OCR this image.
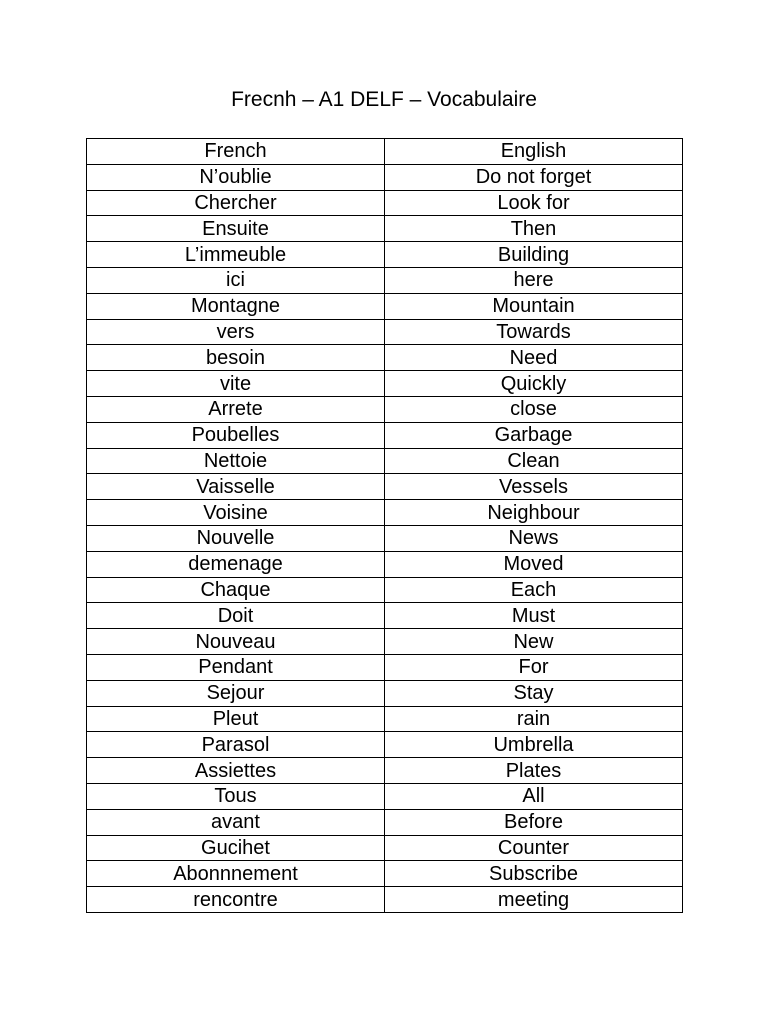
Frecnh – A1 DELF – Vocabulaire
French	English
N’oublie	Do not forget
Chercher	Look for
Ensuite	Then
L’immeuble	Building
ici	here
Montagne	Mountain
vers	Towards
besoin	Need
vite	Quickly
Arrete	close
Poubelles	Garbage
Nettoie	Clean
Vaisselle	Vessels
Voisine	Neighbour
Nouvelle	News
demenage	Moved
Chaque	Each
Doit	Must
Nouveau	New
Pendant	For
Sejour	Stay
Pleut	rain
Parasol	Umbrella
Assiettes	Plates
Tous	All
avant	Before
Gucihet	Counter
Abonnnement	Subscribe
rencontre	meeting
